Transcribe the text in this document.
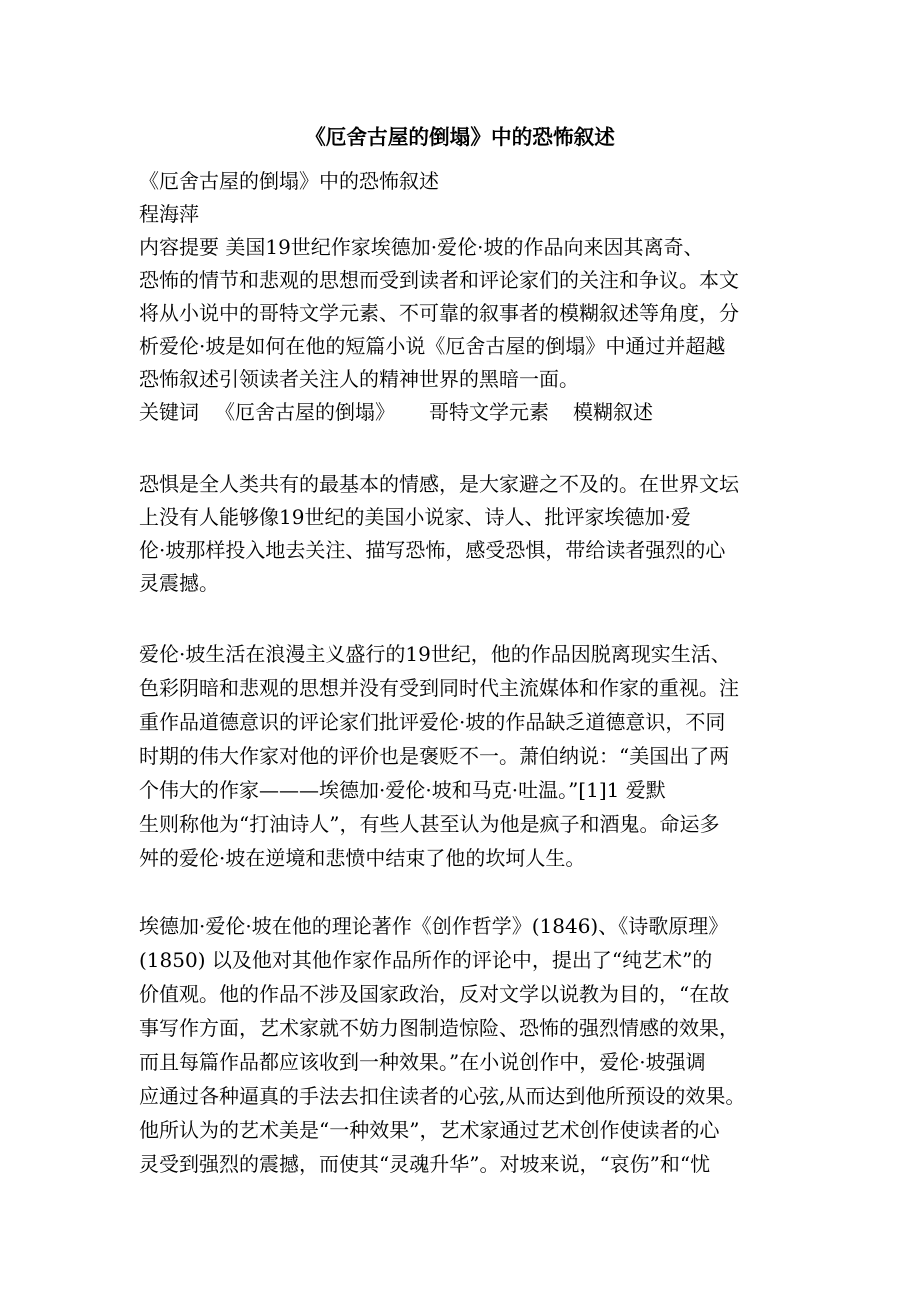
《厄舍古屋的倒塌》中的恐怖叙述
《厄舍古屋的倒塌》中的恐怖叙述
程海萍
内容提要 美国19世纪作家埃德加·爱伦·坡的作品向来因其离奇、
恐怖的情节和悲观的思想而受到读者和评论家们的关注和争议。本文
将从小说中的哥特文学元素、不可靠的叙事者的模糊叙述等角度，分
析爱伦·坡是如何在他的短篇小说《厄舍古屋的倒塌》中通过并超越
恐怖叙述引领读者关注人的精神世界的黑暗一面。
关键词 《厄舍古屋的倒塌》 哥特文学元素 模糊叙述
恐惧是全人类共有的最基本的情感，是大家避之不及的。在世界文坛
上没有人能够像19世纪的美国小说家、诗人、批评家埃德加·爱
伦·坡那样投入地去关注、描写恐怖，感受恐惧，带给读者强烈的心
灵震撼。
爱伦·坡生活在浪漫主义盛行的19世纪，他的作品因脱离现实生活、
色彩阴暗和悲观的思想并没有受到同时代主流媒体和作家的重视。注
重作品道德意识的评论家们批评爱伦·坡的作品缺乏道德意识，不同
时期的伟大作家对他的评价也是褒贬不一。萧伯纳说：“美国出了两
个伟大的作家———埃德加·爱伦·坡和马克·吐温。”[1]1 爱默
生则称他为“打油诗人”，有些人甚至认为他是疯子和酒鬼。命运多
舛的爱伦·坡在逆境和悲愤中结束了他的坎坷人生。
埃德加·爱伦·坡在他的理论著作《创作哲学》(1846)、《诗歌原理》
(1850) 以及他对其他作家作品所作的评论中，提出了“纯艺术”的
价值观。他的作品不涉及国家政治，反对文学以说教为目的，“在故
事写作方面，艺术家就不妨力图制造惊险、恐怖的强烈情感的效果，
而且每篇作品都应该收到一种效果。”在小说创作中，爱伦·坡强调
应通过各种逼真的手法去扣住读者的心弦,从而达到他所预设的效果。
他所认为的艺术美是“一种效果”，艺术家通过艺术创作使读者的心
灵受到强烈的震撼，而使其“灵魂升华”。对坡来说，“哀伤”和“忧
